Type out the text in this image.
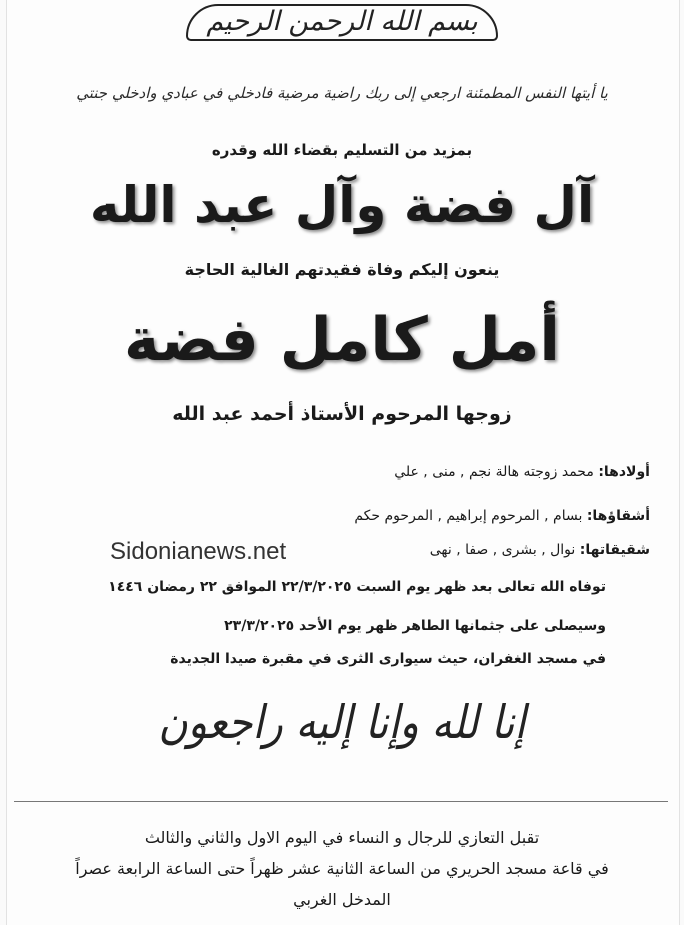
بسم الله الرحمن الرحيم
يا أيتها النفس المطمئنة ارجعي إلى ربك راضية مرضية فادخلي في عبادي وادخلي جنتي
بمزيد من التسليم بقضاء الله وقدره
آل فضة وآل عبد الله
ينعون إليكم وفاة فقيدتهم الغالية الحاجة
أمل كامل فضة
زوجها المرحوم الأستاذ أحمد عبد الله
أولادها: محمد زوجته هالة نجم , منى , علي
أشقاؤها: بسام , المرحوم إبراهيم , المرحوم حكم
شقيقاتها: نوال , بشرى , صفا , نهى
Sidonianews.net
توفاه الله تعالى بعد ظهر يوم السبت ٢٢/٣/٢٠٢٥ الموافق ٢٢ رمضان ١٤٤٦
وسيصلى على جثمانها الطاهر ظهر يوم الأحد ٢٣/٣/٢٠٢٥
في مسجد الغفران، حيث سيوارى الثرى في مقبرة صيدا الجديدة
إنا لله وإنا إليه راجعون
تقبل التعازي للرجال و النساء في اليوم الاول والثاني والثالث
في قاعة مسجد الحريري من الساعة الثانية عشر ظهراً حتى الساعة الرابعة عصراً
المدخل الغربي
